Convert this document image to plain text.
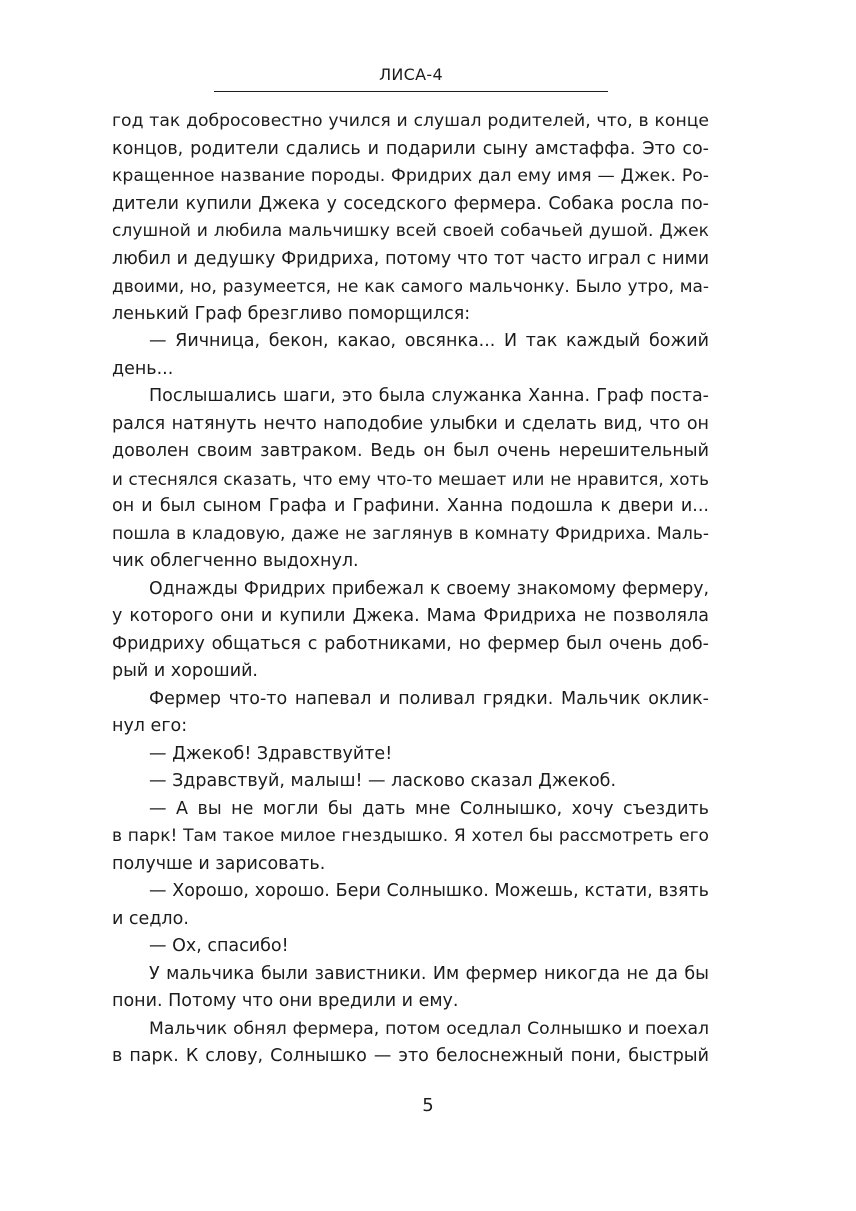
ЛИСА-4
год так добросовестно учился и слушал родителей, что, в конце
концов, родители сдались и подарили сыну амстаффа. Это со-
кращенное название породы. Фридрих дал ему имя — Джек. Ро-
дители купили Джека у соседского фермера. Собака росла по-
слушной и любила мальчишку всей своей собачьей душой. Джек
любил и дедушку Фридриха, потому что тот часто играл с ними
двоими, но, разумеется, не как самого мальчонку. Было утро, ма-
ленький Граф брезгливо поморщился:
— Яичница, бекон, какао, овсянка... И так каждый божий
день...
Послышались шаги, это была служанка Ханна. Граф поста-
рался натянуть нечто наподобие улыбки и сделать вид, что он
доволен своим завтраком. Ведь он был очень нерешительный
и стеснялся сказать, что ему что-то мешает или не нравится, хоть
он и был сыном Графа и Графини. Ханна подошла к двери и...
пошла в кладовую, даже не заглянув в комнату Фридриха. Маль-
чик облегченно выдохнул.
Однажды Фридрих прибежал к своему знакомому фермеру,
у которого они и купили Джека. Мама Фридриха не позволяла
Фридриху общаться с работниками, но фермер был очень доб-
рый и хороший.
Фермер что-то напевал и поливал грядки. Мальчик оклик-
нул его:
— Джекоб! Здравствуйте!
— Здравствуй, малыш! — ласково сказал Джекоб.
— А вы не могли бы дать мне Солнышко, хочу съездить
в парк! Там такое милое гнездышко. Я хотел бы рассмотреть его
получше и зарисовать.
— Хорошо, хорошо. Бери Солнышко. Можешь, кстати, взять
и седло.
— Ох, спасибо!
У мальчика были завистники. Им фермер никогда не да бы
пони. Потому что они вредили и ему.
Мальчик обнял фермера, потом оседлал Солнышко и поехал
в парк. К слову, Солнышко — это белоснежный пони, быстрый
5
